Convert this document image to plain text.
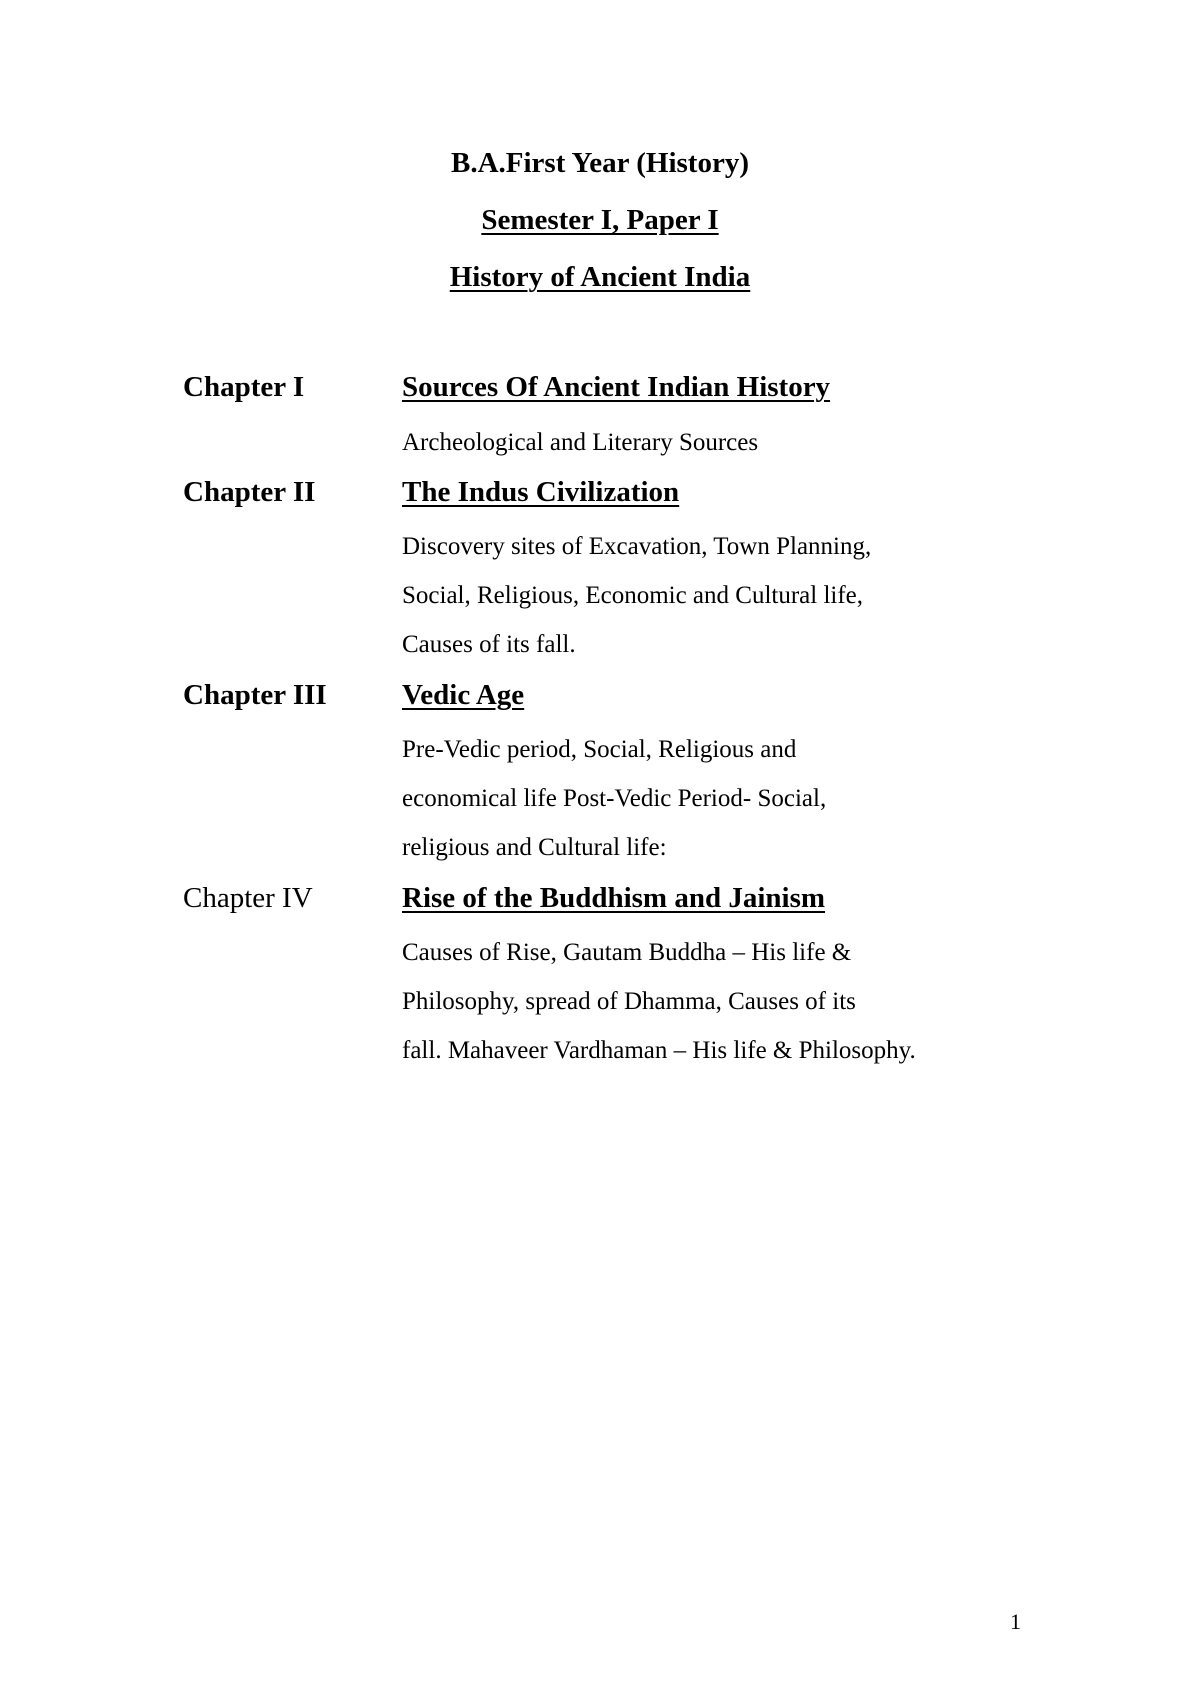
B.A.First Year (History)

Semester I, Paper I

History of Ancient India

Chapter I	Sources Of Ancient Indian History

Archeological and Literary Sources

Chapter II	The Indus Civilization

Discovery sites of Excavation, Town Planning,

Social, Religious, Economic and Cultural life,

Causes of its fall.

Chapter III	Vedic Age

Pre-Vedic period, Social, Religious and

economical life Post-Vedic Period- Social,

religious and Cultural life:

Chapter IV	Rise of the Buddhism and Jainism

Causes of Rise, Gautam Buddha – His life &

Philosophy, spread of Dhamma, Causes of its

fall. Mahaveer Vardhaman – His life & Philosophy.

1
